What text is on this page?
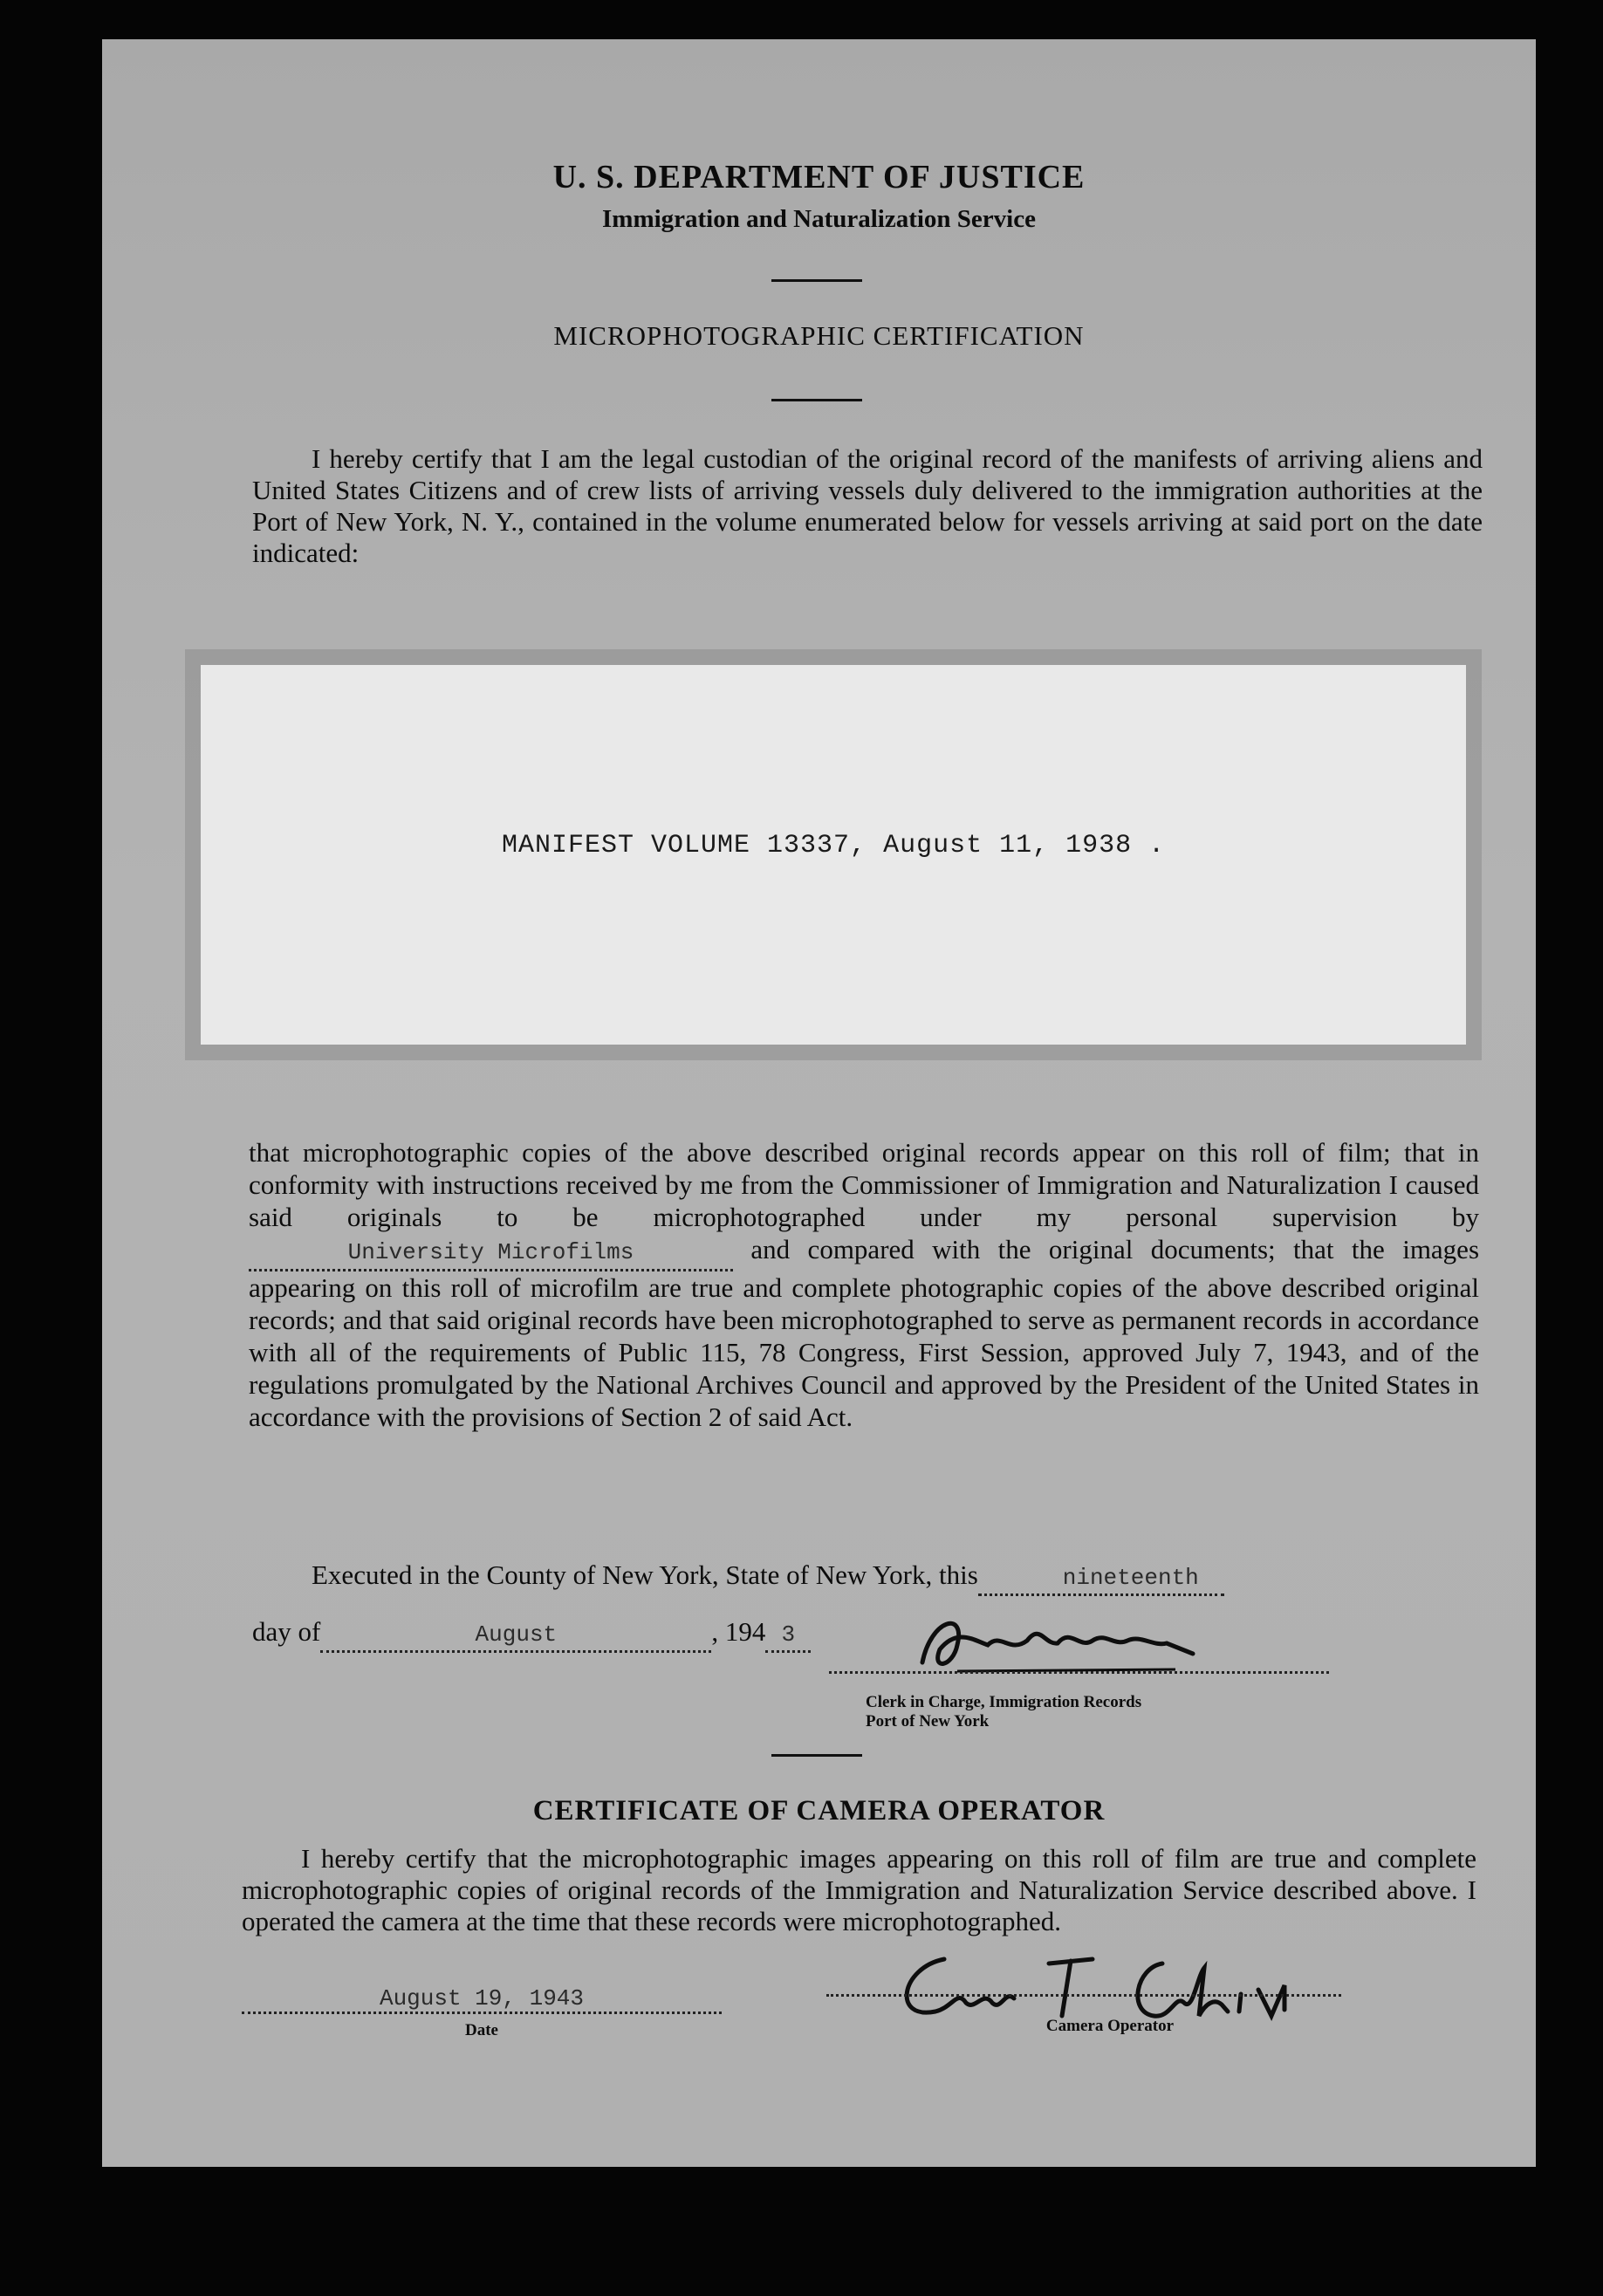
U. S. DEPARTMENT OF JUSTICE
Immigration and Naturalization Service
MICROPHOTOGRAPHIC CERTIFICATION

I hereby certify that I am the legal custodian of the original record of the manifests of arriving aliens and United States Citizens and of crew lists of arriving vessels duly delivered to the immigration authorities at the Port of New York, N. Y., contained in the volume enumerated below for vessels arriving at said port on the date indicated:

MANIFEST VOLUME 13337, August 11, 1938 .

that microphotographic copies of the above described original records appear on this roll of film; that in conformity with instructions received by me from the Commissioner of Immigration and Naturalization I caused said originals to be microphotographed under my personal supervision byUniversity Microfilms	and compared with the original documents; that the images appearing on this roll of microfilm are true and complete photographic copies of the above described original records; and that said original records have been microphotographed to serve as permanent records in accordance with all of the requirements of Public 115, 78 Congress, First Session, approved July 7, 1943, and of the regulations promulgated by the National Archives Council and approved by the President of the United States in accordance with the provisions of Section 2 of said Act.

Executed in the County of New York, State of New York, this	nineteenth

day of	August	, 194 3

Clerk in Charge, Immigration Records
Port of New York
CERTIFICATE OF CAMERA OPERATOR

I hereby certify that the microphotographic images appearing on this roll of film are true and complete microphotographic copies of original records of the Immigration and Naturalization Service described above. I operated the camera at the time that these records were microphotographed.

August 19, 1943
Date	Camera Operator
